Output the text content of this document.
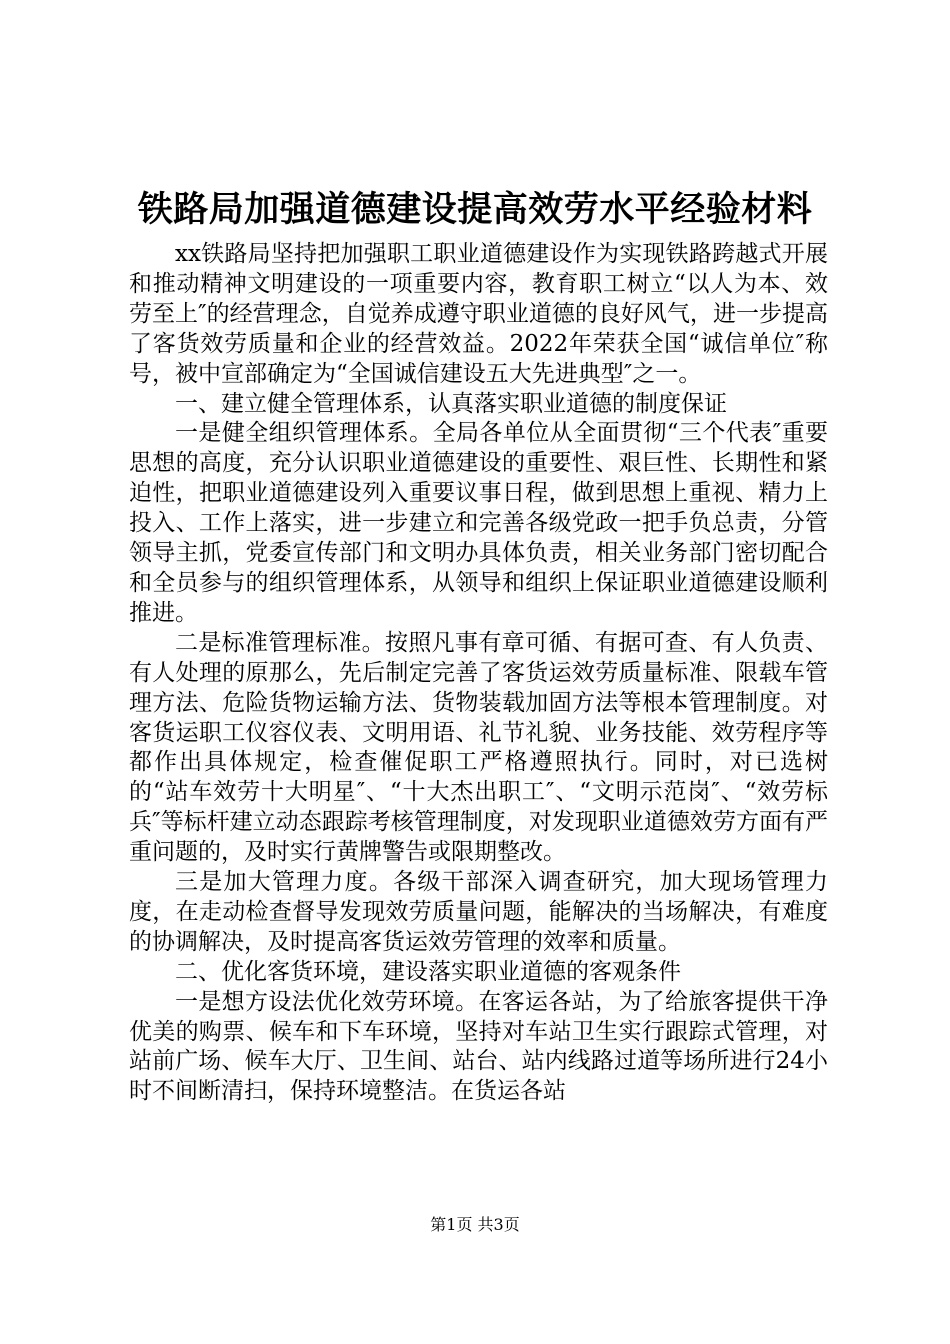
铁路局加强道德建设提高效劳水平经验材料

xx铁路局坚持把加强职工职业道德建设作为实现铁路跨越式开展和推动精神文明建设的一项重要内容，教育职工树立“以人为本、效劳至上″的经营理念，自觉养成遵守职业道德的良好风气，进一步提高了客货效劳质量和企业的经营效益。2022年荣获全国“诚信单位″称号，被中宣部确定为“全国诚信建设五大先进典型″之一。

一、建立健全管理体系，认真落实职业道德的制度保证

一是健全组织管理体系。全局各单位从全面贯彻“三个代表″重要思想的高度，充分认识职业道德建设的重要性、艰巨性、长期性和紧迫性，把职业道德建设列入重要议事日程，做到思想上重视、精力上投入、工作上落实，进一步建立和完善各级党政一把手负总责，分管领导主抓，党委宣传部门和文明办具体负责，相关业务部门密切配合和全员参与的组织管理体系，从领导和组织上保证职业道德建设顺利推进。

二是标准管理标准。按照凡事有章可循、有据可查、有人负责、有人处理的原那么，先后制定完善了客货运效劳质量标准、限载车管理方法、危险货物运输方法、货物装载加固方法等根本管理制度。对客货运职工仪容仪表、文明用语、礼节礼貌、业务技能、效劳程序等都作出具体规定，检查催促职工严格遵照执行。同时，对已选树的“站车效劳十大明星″、“十大杰出职工″、“文明示范岗″、“效劳标兵″等标杆建立动态跟踪考核管理制度，对发现职业道德效劳方面有严重问题的，及时实行黄牌警告或限期整改。

三是加大管理力度。各级干部深入调查研究，加大现场管理力度，在走动检查督导发现效劳质量问题，能解决的当场解决，有难度的协调解决，及时提高客货运效劳管理的效率和质量。

二、优化客货环境，建设落实职业道德的客观条件

一是想方设法优化效劳环境。在客运各站，为了给旅客提供干净优美的购票、候车和下车环境，坚持对车站卫生实行跟踪式管理，对站前广场、候车大厅、卫生间、站台、站内线路过道等场所进行24小时不间断清扫，保持环境整洁。在货运各站

第1页 共3页
